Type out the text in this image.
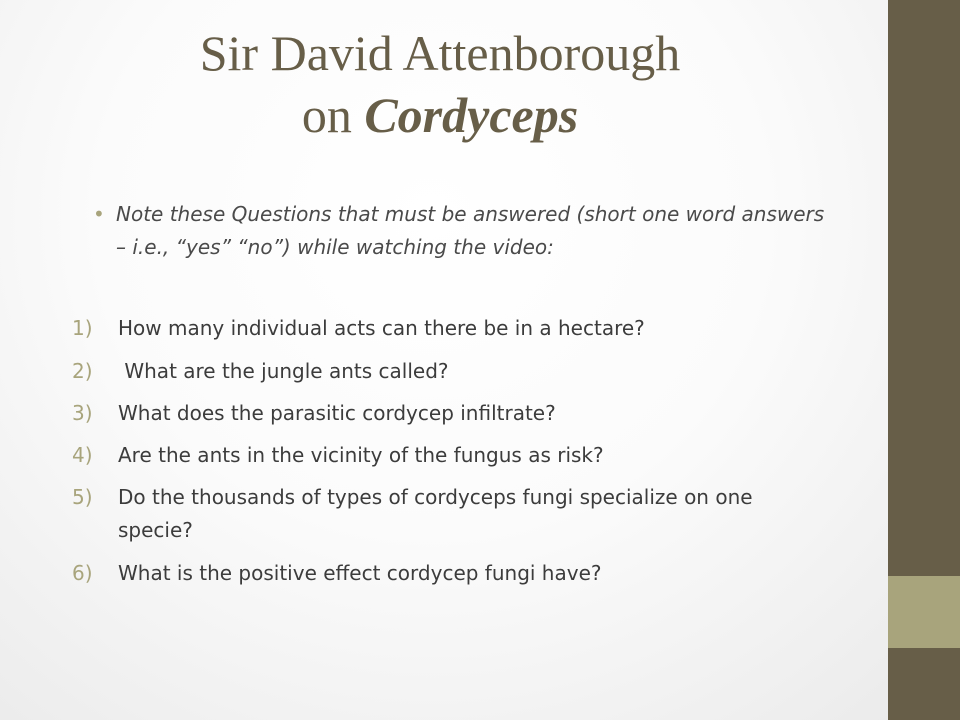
Sir David Attenborough
on Cordyceps
• Note these Questions that must be answered (short one word answers – i.e., “yes” “no”) while watching the video:
1)	How many individual acts can there be in a hectare?
2)	What are the jungle ants called?
3)	What does the parasitic cordycep infiltrate?
4)	Are the ants in the vicinity of the fungus as risk?
5)	Do the thousands of types of cordyceps fungi specialize on one specie?
6)	What is the positive effect cordycep fungi have?
